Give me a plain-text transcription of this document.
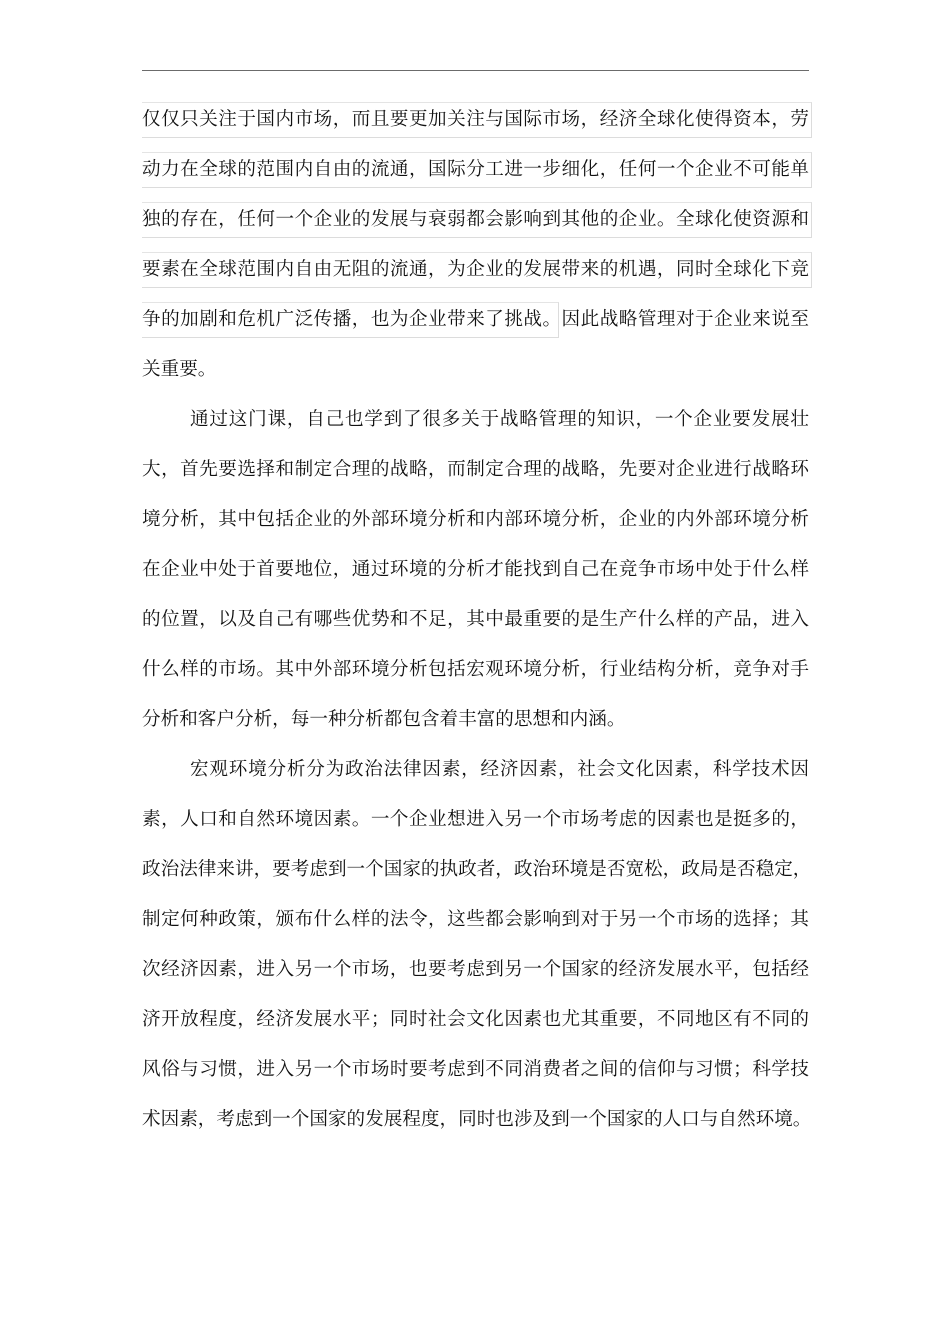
仅仅只关注于国内市场，而且要更加关注与国际市场，经济全球化使得资本，劳
动力在全球的范围内自由的流通，国际分工进一步细化，任何一个企业不可能单
独的存在，任何一个企业的发展与衰弱都会影响到其他的企业。全球化使资源和
要素在全球范围内自由无阻的流通，为企业的发展带来的机遇，同时全球化下竞
争的加剧和危机广泛传播，也为企业带来了挑战。因此战略管理对于企业来说至
关重要。
通过这门课，自己也学到了很多关于战略管理的知识，一个企业要发展壮
大，首先要选择和制定合理的战略，而制定合理的战略，先要对企业进行战略环
境分析，其中包括企业的外部环境分析和内部环境分析，企业的内外部环境分析
在企业中处于首要地位，通过环境的分析才能找到自己在竞争市场中处于什么样
的位置，以及自己有哪些优势和不足，其中最重要的是生产什么样的产品，进入
什么样的市场。其中外部环境分析包括宏观环境分析，行业结构分析，竞争对手
分析和客户分析，每一种分析都包含着丰富的思想和内涵。
宏观环境分析分为政治法律因素，经济因素，社会文化因素，科学技术因
素，人口和自然环境因素。一个企业想进入另一个市场考虑的因素也是挺多的，
政治法律来讲，要考虑到一个国家的执政者，政治环境是否宽松，政局是否稳定，
制定何种政策，颁布什么样的法令，这些都会影响到对于另一个市场的选择；其
次经济因素，进入另一个市场，也要考虑到另一个国家的经济发展水平，包括经
济开放程度，经济发展水平；同时社会文化因素也尤其重要，不同地区有不同的
风俗与习惯，进入另一个市场时要考虑到不同消费者之间的信仰与习惯；科学技
术因素，考虑到一个国家的发展程度，同时也涉及到一个国家的人口与自然环境。
